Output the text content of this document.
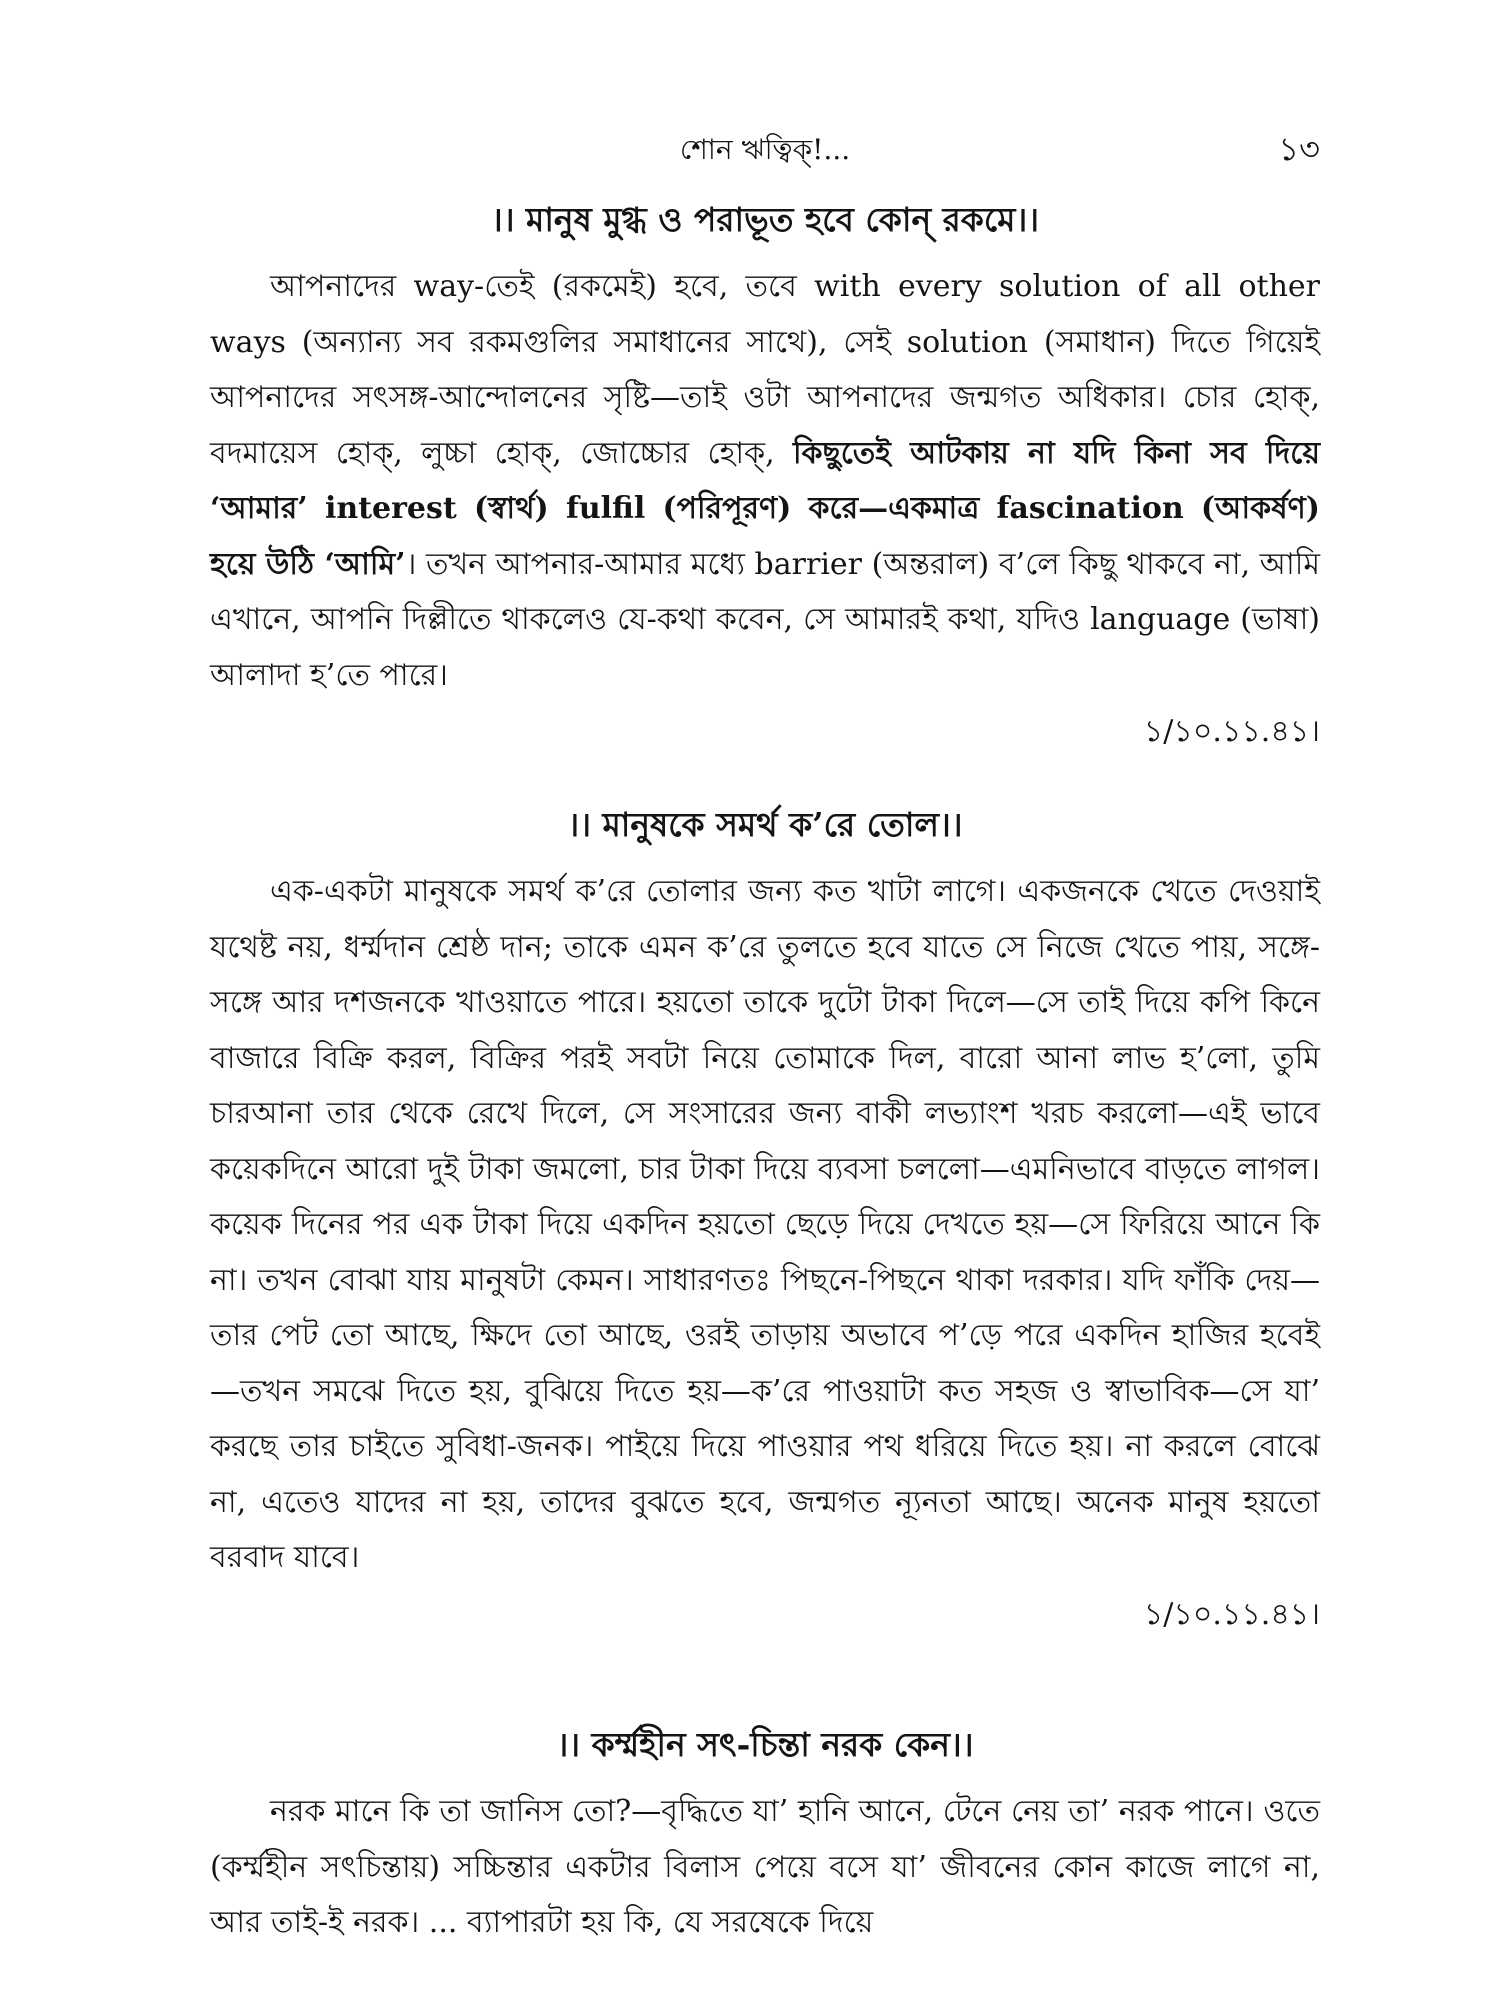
শোন ঋত্বিক্!...	১৩
।। মানুষ মুগ্ধ ও পরাভূত হবে কোন্ রকমে।।

আপনাদের way-তেই (রকমেই) হবে, তবে with every solution of all other ways (অন্যান্য সব রকমগুলির সমাধানের সাথে), সেই solution (সমাধান) দিতে গিয়েই আপনাদের সৎসঙ্গ-আন্দোলনের সৃষ্টি—তাই ওটা আপনাদের জন্মগত অধিকার। চোর হোক্, বদমায়েস হোক্, লুচ্চা হোক্, জোচ্চোর হোক্, কিছুতেই আটকায় না যদি কিনা সব দিয়ে ‘আমার’ interest (স্বার্থ) fulfil (পরিপূরণ) করে—একমাত্র fascination (আকর্ষণ) হয়ে উঠি ‘আমি’। তখন আপনার-আমার মধ্যে barrier (অন্তরাল) ব’লে কিছু থাকবে না, আমি এখানে, আপনি দিল্লীতে থাকলেও যে-কথা কবেন, সে আমারই কথা, যদিও language (ভাষা) আলাদা হ’তে পারে।

১/১০.১১.৪১।
।। মানুষকে সমর্থ ক’রে তোল।।

এক-একটা মানুষকে সমর্থ ক’রে তোলার জন্য কত খাটা লাগে। একজনকে খেতে দেওয়াই যথেষ্ট নয়, ধর্ম্মদান শ্রেষ্ঠ দান; তাকে এমন ক’রে তুলতে হবে যাতে সে নিজে খেতে পায়, সঙ্গে-সঙ্গে আর দশজনকে খাওয়াতে পারে। হয়তো তাকে দুটো টাকা দিলে—সে তাই দিয়ে কপি কিনে বাজারে বিক্রি করল, বিক্রির পরই সবটা নিয়ে তোমাকে দিল, বারো আনা লাভ হ’লো, তুমি চারআনা তার থেকে রেখে দিলে, সে সংসারের জন্য বাকী লভ্যাংশ খরচ করলো—এই ভাবে কয়েকদিনে আরো দুই টাকা জমলো, চার টাকা দিয়ে ব্যবসা চললো—এমনিভাবে বাড়তে লাগল। কয়েক দিনের পর এক টাকা দিয়ে একদিন হয়তো ছেড়ে দিয়ে দেখতে হয়—সে ফিরিয়ে আনে কি না। তখন বোঝা যায় মানুষটা কেমন। সাধারণতঃ পিছনে-পিছনে থাকা দরকার। যদি ফাঁকি দেয়—তার পেট তো আছে, ক্ষিদে তো আছে, ওরই তাড়ায় অভাবে প’ড়ে পরে একদিন হাজির হবেই—তখন সমঝে দিতে হয়, বুঝিয়ে দিতে হয়—ক’রে পাওয়াটা কত সহজ ও স্বাভাবিক—সে যা’ করছে তার চাইতে সুবিধা-জনক। পাইয়ে দিয়ে পাওয়ার পথ ধরিয়ে দিতে হয়। না করলে বোঝে না, এতেও যাদের না হয়, তাদের বুঝতে হবে, জন্মগত ন্যূনতা আছে। অনেক মানুষ হয়তো বরবাদ যাবে।

১/১০.১১.৪১।
।। কর্ম্মহীন সৎ-চিন্তা নরক কেন।।

নরক মানে কি তা জানিস তো?—বৃদ্ধিতে যা’ হানি আনে, টেনে নেয় তা’ নরক পানে। ওতে (কর্ম্মহীন সৎচিন্তায়) সচ্চিন্তার একটার বিলাস পেয়ে বসে যা’ জীবনের কোন কাজে লাগে না, আর তাই-ই নরক। ... ব্যাপারটা হয় কি, যে সরষেকে দিয়ে
